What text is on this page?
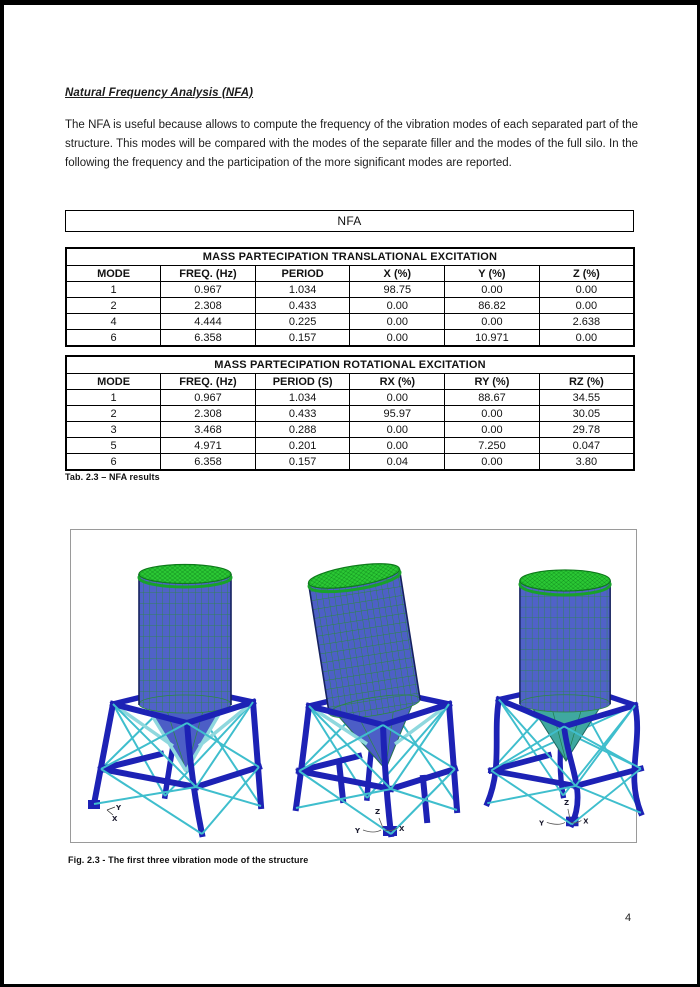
Natural Frequency Analysis (NFA)
The NFA is useful because allows to compute the frequency of the vibration modes of each separated part of the structure. This modes will be compared with the modes of the separate filler and the modes of the full silo. In the following the frequency and the participation of the more significant modes are reported.
NFA
MASS PARTECIPATION TRANSLATIONAL EXCITATION					
MODE	FREQ. (Hz)	PERIOD	X (%)	Y (%)	Z (%)
1	0.967	1.034	98.75	0.00	0.00
2	2.308	0.433	0.00	86.82	0.00
4	4.444	0.225	0.00	0.00	2.638
6	6.358	0.157	0.00	10.971	0.00
MASS PARTECIPATION ROTATIONAL EXCITATION					
MODE	FREQ. (Hz)	PERIOD (S)	RX (%)	RY (%)	RZ (%)
1	0.967	1.034	0.00	88.67	34.55
2	2.308	0.433	95.97	0.00	30.05
3	3.468	0.288	0.00	0.00	29.78
5	4.971	0.201	0.00	7.250	0.047
6	6.358	0.157	0.04	0.00	3.80
Tab. 2.3 – NFA results
Y
X
Z
Y	X
Z
Y	X
Fig. 2.3 - The first three vibration mode of the structure
4
